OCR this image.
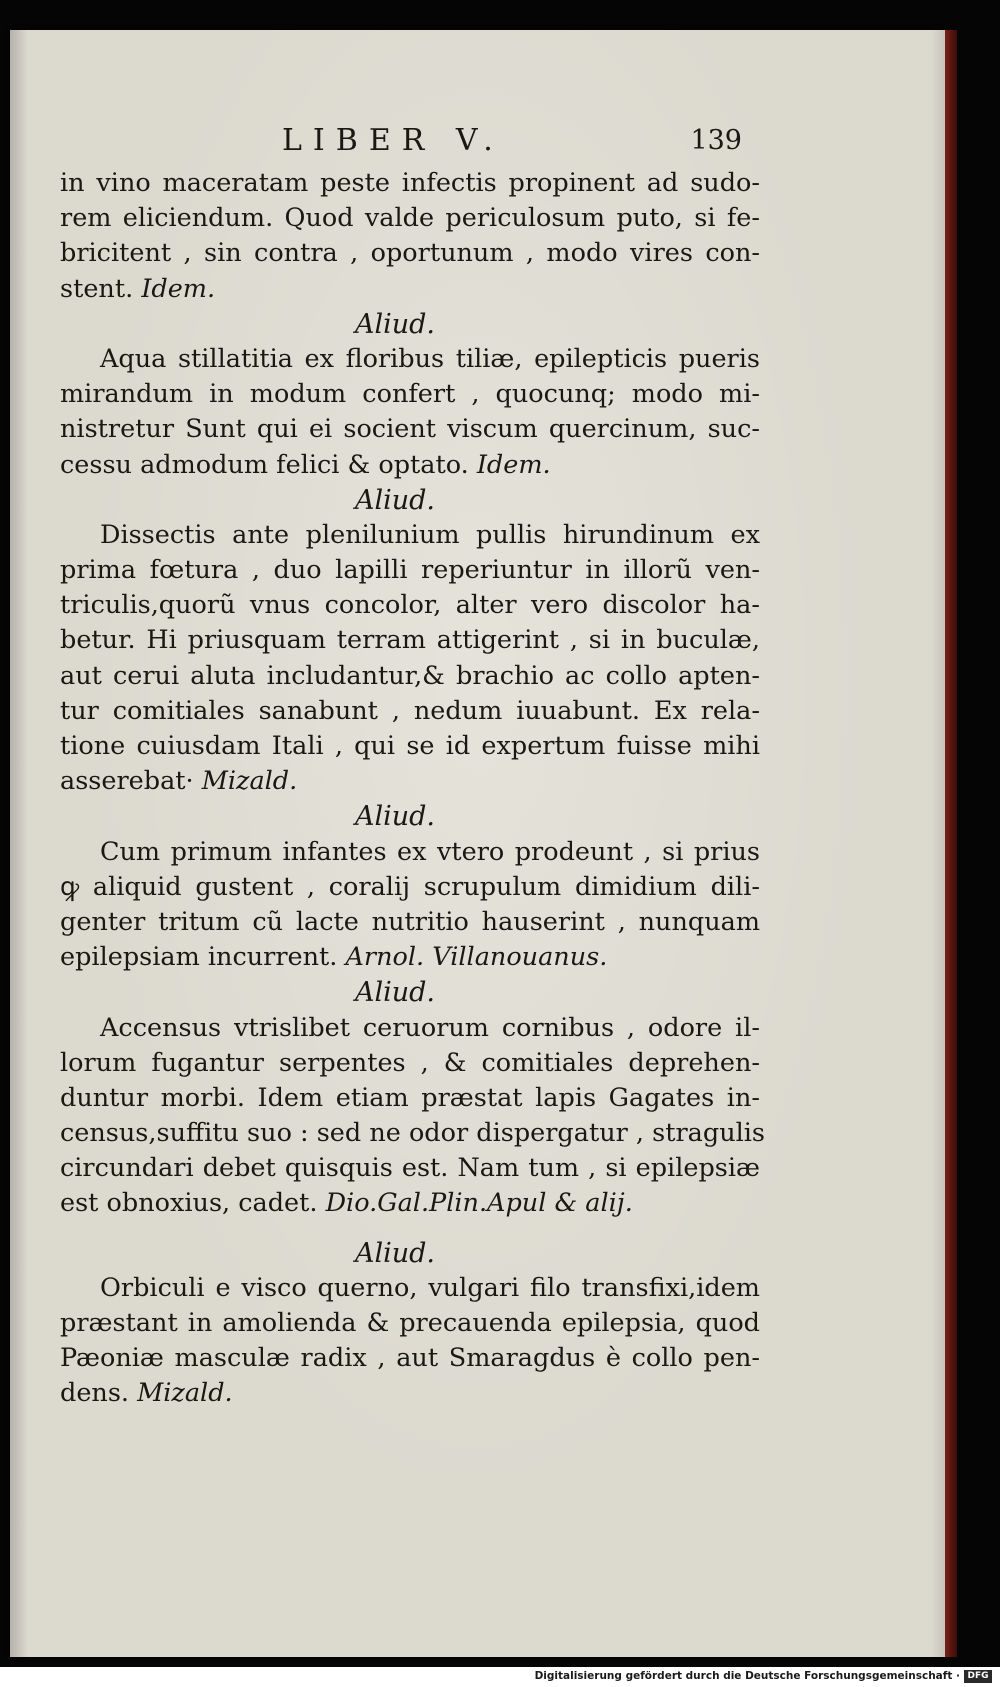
LIBER V.	139
in vino maceratam peste infectis propinent ad sudo-
rem eliciendum. Quod valde periculosum puto, si fe-
bricitent , sin contra , oportunum , modo vires con-
stent. Idem.
Aliud.
Aqua stillatitia ex floribus tiliæ, epilepticis pueris
mirandum in modum confert , quocunq; modo mi-
nistretur Sunt qui ei socient viscum quercinum, suc-
cessu admodum felici & optato. Idem.
Aliud.
Dissectis ante plenilunium pullis hirundinum ex
prima fœtura , duo lapilli reperiuntur in illorũ ven-
triculis,quorũ vnus concolor, alter vero discolor ha-
betur. Hi priusquam terram attigerint , si in buculæ,
aut cerui aluta includantur,& brachio ac collo apten-
tur comitiales sanabunt , nedum iuuabunt. Ex rela-
tione cuiusdam Itali , qui se id expertum fuisse mihi
asserebat· Mizald.
Aliud.
Cum primum infantes ex vtero prodeunt , si prius
ꝙ aliquid gustent , coralij scrupulum dimidium dili-
genter tritum cũ lacte nutritio hauserint , nunquam
epilepsiam incurrent. Arnol. Villanouanus.
Aliud.
Accensus vtrislibet ceruorum cornibus , odore il-
lorum fugantur serpentes , & comitiales deprehen-
duntur morbi. Idem etiam præstat lapis Gagates in-
census,suffitu suo : sed ne odor dispergatur , stragulis
circundari debet quisquis est. Nam tum , si epilepsiæ
est obnoxius, cadet. Dio.Gal.Plin.Apul & alij.
Aliud.
Orbiculi e visco querno, vulgari filo transfixi,idem
præstant in amolienda & precauenda epilepsia, quod
Pæoniæ masculæ radix , aut Smaragdus è collo pen-
dens. Mizald.
Digitalisierung gefördert durch die Deutsche Forschungsgemeinschaft · DFG
